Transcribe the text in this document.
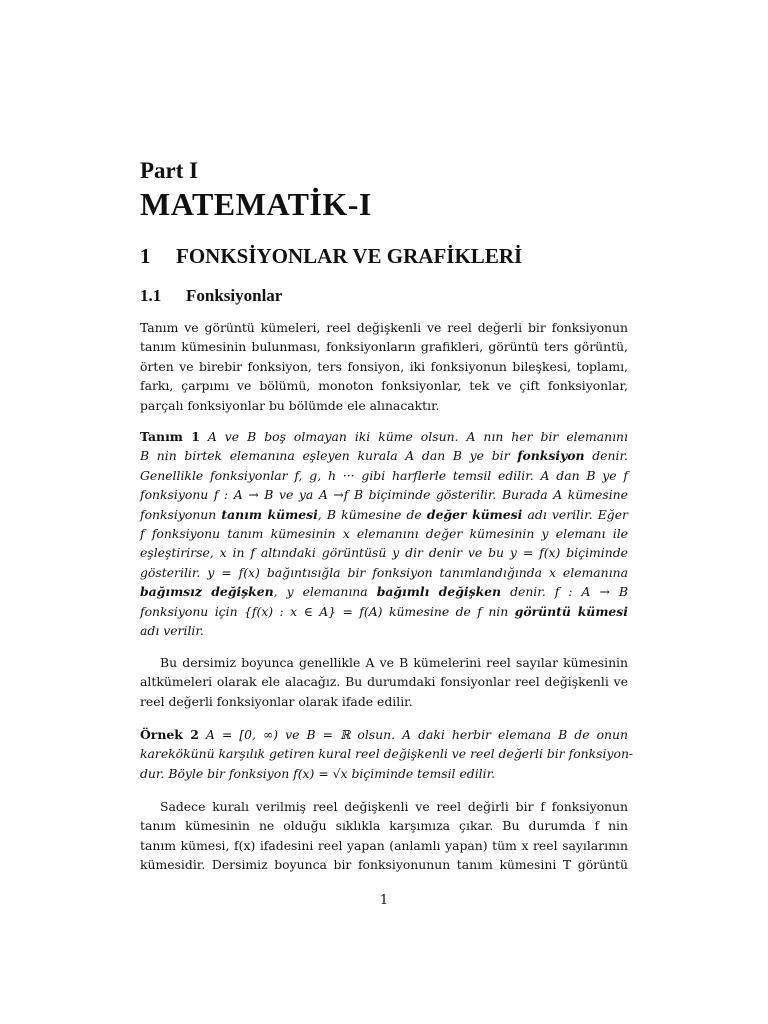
Part I
MATEMATİK-I
1 FONKSİYONLAR VE GRAFİKLERİ
1.1 Fonksiyonlar

Tanım ve görüntü kümeleri, reel değişkenli ve reel değerli bir fonksiyonun
tanım kümesinin bulunması, fonksiyonların grafikleri, görüntü ters görüntü,
örten ve birebir fonksiyon, ters fonsiyon, iki fonksiyonun bileşkesi, toplamı,
farkı, çarpımı ve bölümü, monoton fonksiyonlar, tek ve çift fonksiyonlar,
parçalı fonksiyonlar bu bölümde ele alınacaktır.

Tanım 1 A ve B boş olmayan iki küme olsun. A nın her bir elemanını
B nin birtek elemanına eşleyen kurala A dan B ye bir fonksiyon denir.
Genellikle fonksiyonlar f, g, h ··· gibi harflerle temsil edilir. A dan B ye f
fonksiyonu f : A → B ve ya A →f B biçiminde gösterilir. Burada A kümesine
fonksiyonun tanım kümesi, B kümesine de değer kümesi adı verilir. Eğer
f fonksiyonu tanım kümesinin x elemanını değer kümesinin y elemanı ile
eşleştirirse, x in f altındaki görüntüsü y dir denir ve bu y = f(x) biçiminde
gösterilir. y = f(x) bağıntısığla bir fonksiyon tanımlandığında x elemanına
bağımsız değişken, y elemanına bağımlı değişken denir. f : A → B
fonksiyonu için {f(x) : x ∈ A} = f(A) kümesine de f nin görüntü kümesi
adı verilir.

Bu dersimiz boyunca genellikle A ve B kümelerini reel sayılar kümesinin
altkümeleri olarak ele alacağız. Bu durumdaki fonsiyonlar reel değişkenli ve
reel değerli fonksiyonlar olarak ifade edilir.

Örnek 2 A = [0, ∞) ve B = ℝ olsun. A daki herbir elemana B de onun
karekökünü karşılık getiren kural reel değişkenli ve reel değerli bir fonksiyon-
dur. Böyle bir fonksiyon f(x) = √x biçiminde temsil edilir.

Sadece kuralı verilmiş reel değişkenli ve reel değirli bir f fonksiyonun
tanım kümesinin ne olduğu sıklıkla karşımıza çıkar. Bu durumda f nin
tanım kümesi, f(x) ifadesini reel yapan (anlamlı yapan) tüm x reel sayılarının
kümesidir. Dersimiz boyunca bir fonksiyonunun tanım kümesini T görüntü

1
